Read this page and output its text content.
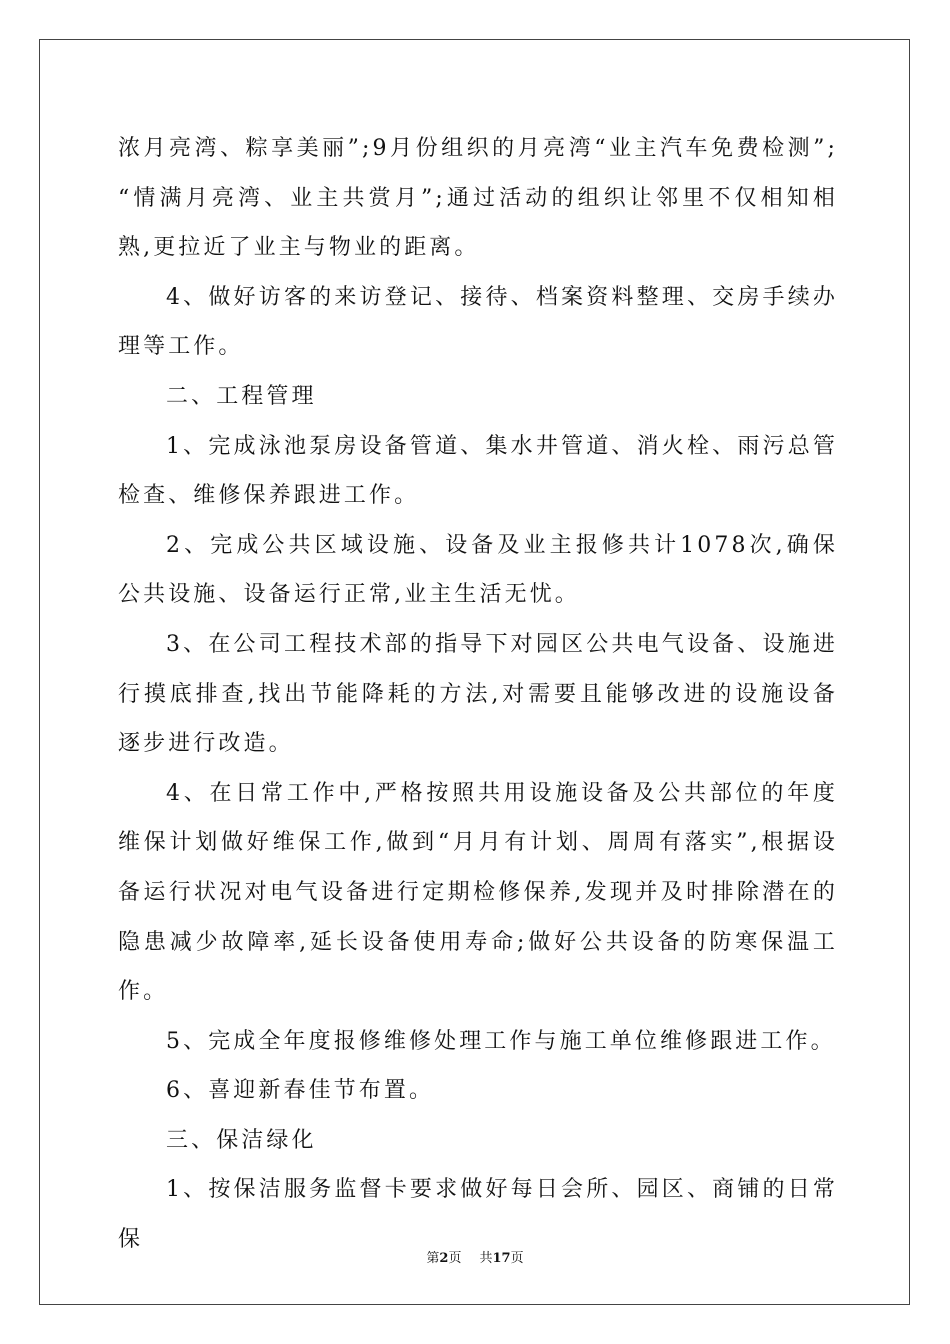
浓月亮湾、粽享美丽”;9月份组织的月亮湾“业主汽车免费检测”; “情满月亮湾、业主共赏月”;通过活动的组织让邻里不仅相知相熟,更拉近了业主与物业的距离。

4、做好访客的来访登记、接待、档案资料整理、交房手续办理等工作。

二、工程管理

1、完成泳池泵房设备管道、集水井管道、消火栓、雨污总管检查、维修保养跟进工作。

2、完成公共区域设施、设备及业主报修共计1078次,确保公共设施、设备运行正常,业主生活无忧。

3、在公司工程技术部的指导下对园区公共电气设备、设施进行摸底排查,找出节能降耗的方法,对需要且能够改进的设施设备逐步进行改造。

4、在日常工作中,严格按照共用设施设备及公共部位的年度维保计划做好维保工作,做到“月月有计划、周周有落实”,根据设备运行状况对电气设备进行定期检修保养,发现并及时排除潜在的隐患减少故障率,延长设备使用寿命;做好公共设备的防寒保温工作。

5、完成全年度报修维修处理工作与施工单位维修跟进工作。

6、喜迎新春佳节布置。

三、保洁绿化

1、按保洁服务监督卡要求做好每日会所、园区、商铺的日常保

第2页 共17页
